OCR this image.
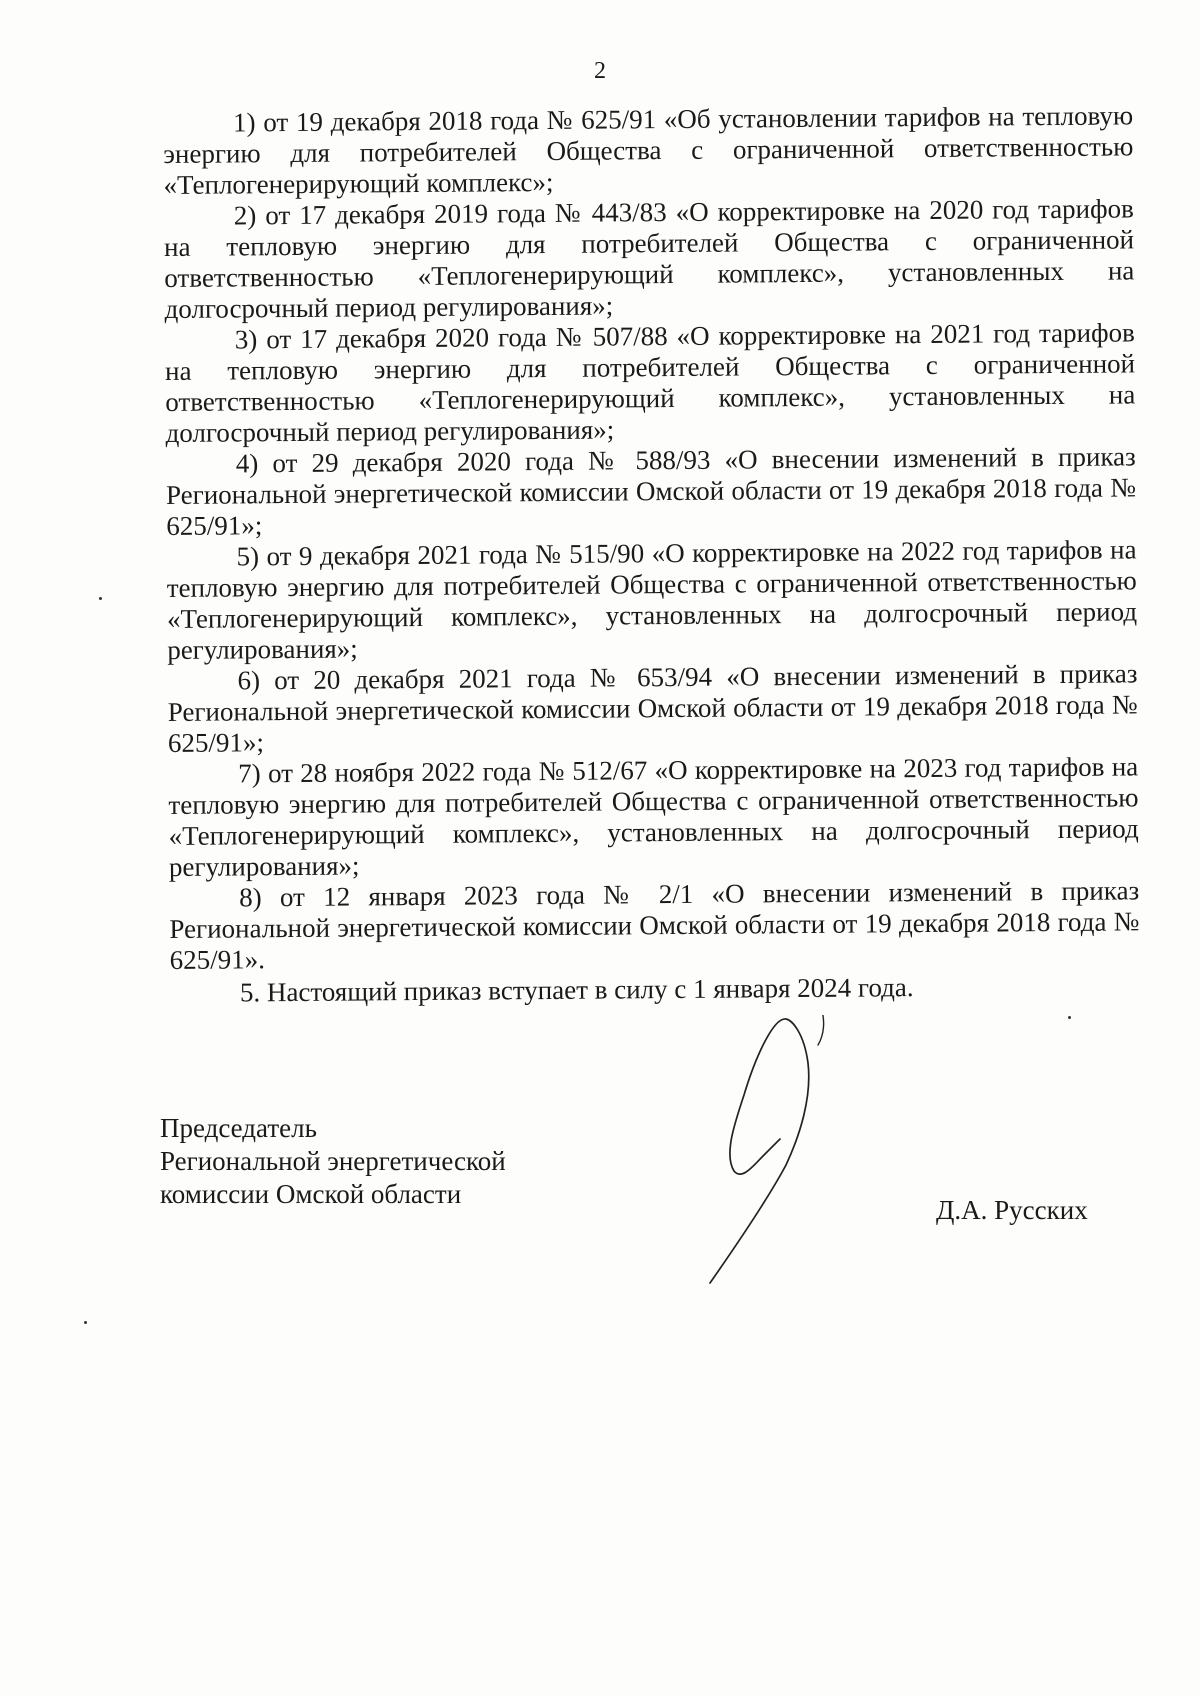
2

1) от 19 декабря 2018 года № 625/91 «Об установлении тарифов на тепловую энергию для потребителей Общества с ограниченной ответственностью «Теплогенерирующий комплекс»;

2) от 17 декабря 2019 года № 443/83 «О корректировке на 2020 год тарифов на тепловую энергию для потребителей Общества с ограниченной ответственностью «Теплогенерирующий комплекс», установленных на долгосрочный период регулирования»;

3) от 17 декабря 2020 года № 507/88 «О корректировке на 2021 год тарифов на тепловую энергию для потребителей Общества с ограниченной ответственностью «Теплогенерирующий комплекс», установленных на долгосрочный период регулирования»;

4) от 29 декабря 2020 года № 588/93 «О внесении изменений в приказ Региональной энергетической комиссии Омской области от 19 декабря 2018 года № 625/91»;

5) от 9 декабря 2021 года № 515/90 «О корректировке на 2022 год тарифов на тепловую энергию для потребителей Общества с ограниченной ответственностью «Теплогенерирующий комплекс», установленных на долгосрочный период регулирования»;

6) от 20 декабря 2021 года № 653/94 «О внесении изменений в приказ Региональной энергетической комиссии Омской области от 19 декабря 2018 года № 625/91»;

7) от 28 ноября 2022 года № 512/67 «О корректировке на 2023 год тарифов на тепловую энергию для потребителей Общества с ограниченной ответственностью «Теплогенерирующий комплекс», установленных на долгосрочный период регулирования»;

8) от 12 января 2023 года № 2/1 «О внесении изменений в приказ Региональной энергетической комиссии Омской области от 19 декабря 2018 года № 625/91».

5. Настоящий приказ вступает в силу с 1 января 2024 года.

Председатель
Региональной энергетической
комиссии Омской области
Д.А. Русских
